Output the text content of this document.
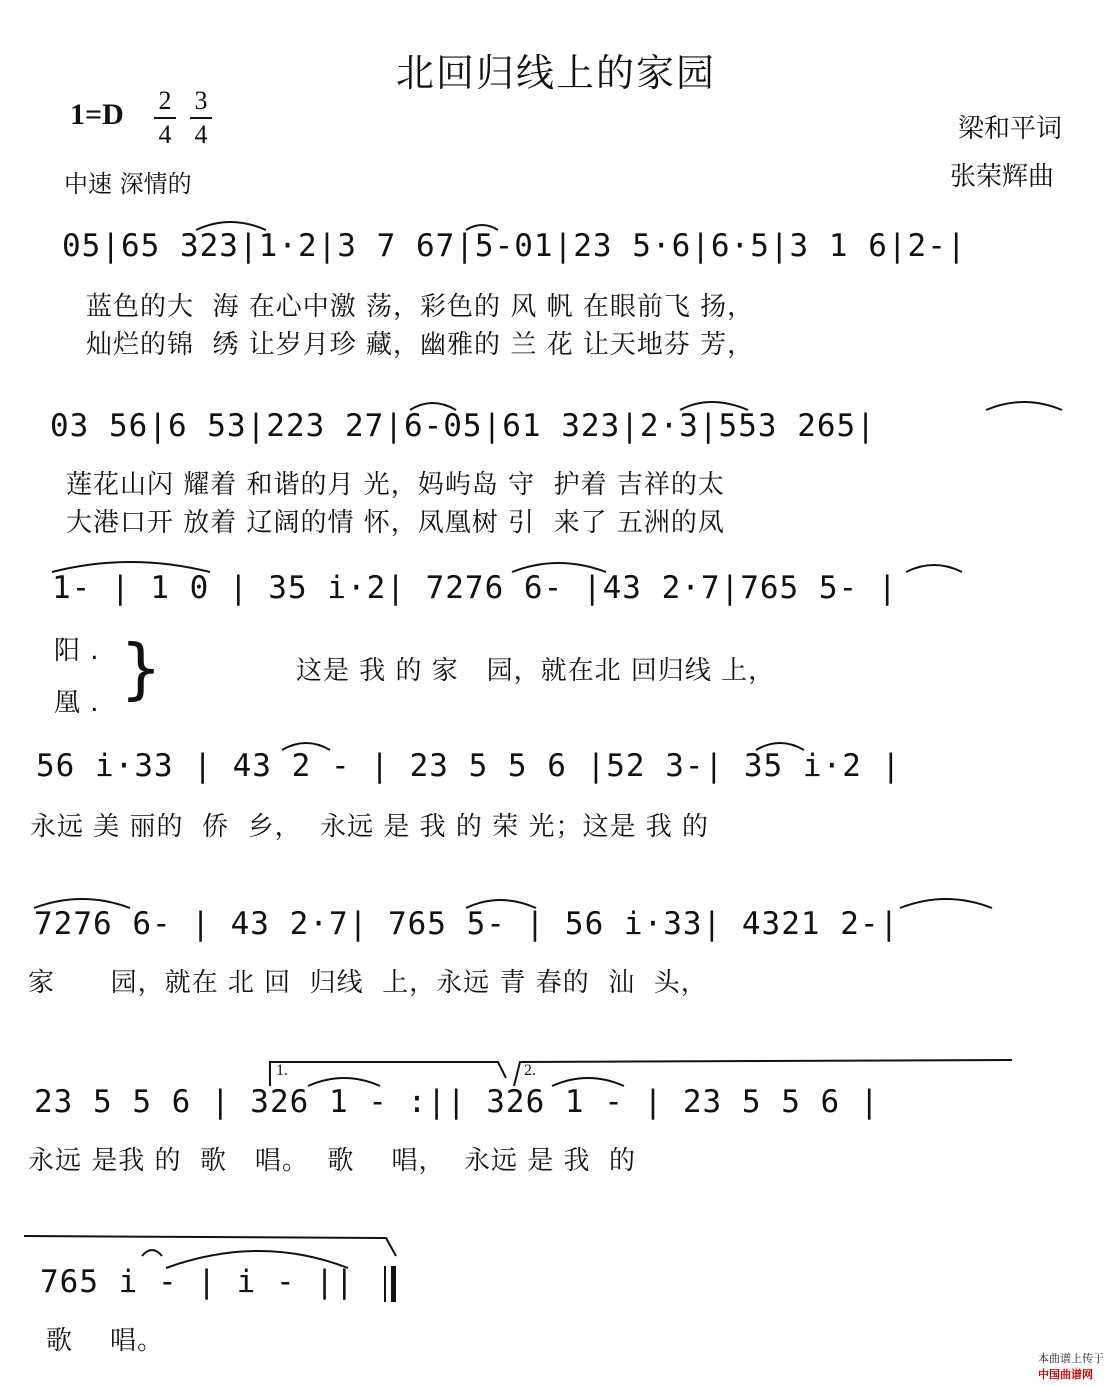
北回归线上的家园
1=D	2
4
3
4
中速 深情的
梁和平词
张荣辉曲
05|65 323|1·2|3 7 67|5-01|23 5·6|6·5|3 1 6|2-|
蓝色的大  海 在心中激 荡，彩色的 风 帆 在眼前飞 扬，
灿烂的锦  绣 让岁月珍 藏，幽雅的 兰 花 让天地芬 芳，
03 56|6 53|223 27|6-05|61 323|2·3|553 265|
莲花山闪 耀着 和谐的月 光，妈屿岛 守  护着 吉祥的太
大港口开 放着 辽阔的情 怀，凤凰树 引  来了 五洲的凤
1- | 1 0 | 35 i·2| 7276 6- |43 2·7|765 5- |
阳 .
凰 . }	这是 我 的 家   园，就在北 回归线 上，
56 i·33 | 43 2 - | 23 5 5 6 |52 3-| 35 i·2 |
永远 美 丽的  侨  乡，  永远 是 我 的 荣 光；这是 我 的
7276 6- | 43 2·7| 765 5- | 56 i·33| 4321 2-|
家      园，就在 北 回  归线  上，永远 青 春的  汕  头，
23 5 5 6 | 326 1 - :|| 326 1 - | 23 5 5 6 |
永远 是我 的  歌   唱。  歌    唱，  永远 是 我  的
1.	2.
765 i - | i - ||
歌    唱。

本曲谱上传于
中国曲谱网
